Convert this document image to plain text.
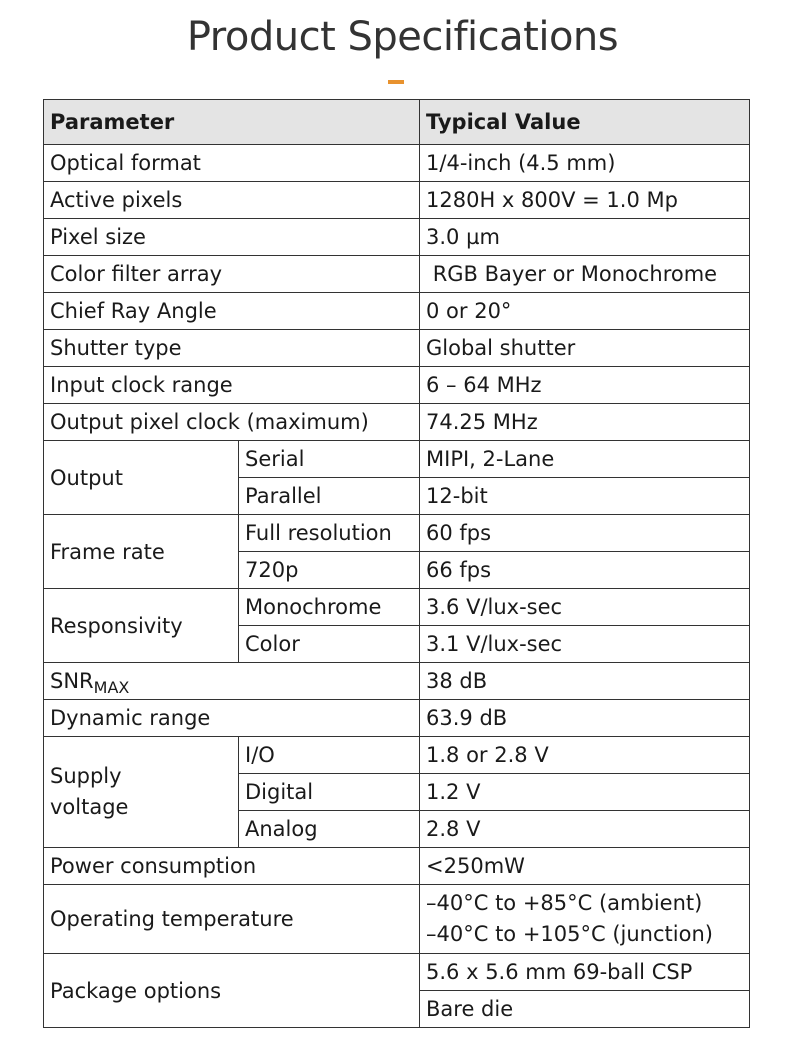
Product Specifications
Parameter		Typical Value
Optical format		1/4-inch (4.5 mm)
Active pixels		1280H x 800V = 1.0 Mp
Pixel size		3.0 µm
Color filter array		RGB Bayer or Monochrome
Chief Ray Angle		0 or 20°
Shutter type		Global shutter
Input clock range		6 – 64 MHz
Output pixel clock (maximum)		74.25 MHz
Output	Serial	MIPI, 2-Lane
	Parallel	12-bit
Frame rate	Full resolution	60 fps
	720p	66 fps
Responsivity	Monochrome	3.6 V/lux-sec
	Color	3.1 V/lux-sec
$SNR_{MAX}$		38 dB
Dynamic range		63.9 dB

Supply
voltage	I/O	1.8 or 2.8 V
	Digital	1.2 V
	Analog	2.8 V
Power consumption		<250mW
Operating temperature		–40°C to +85°C (ambient)
–40°C to +105°C (junction)

Package options		5.6 x 5.6 mm 69-ball CSP
		Bare die
